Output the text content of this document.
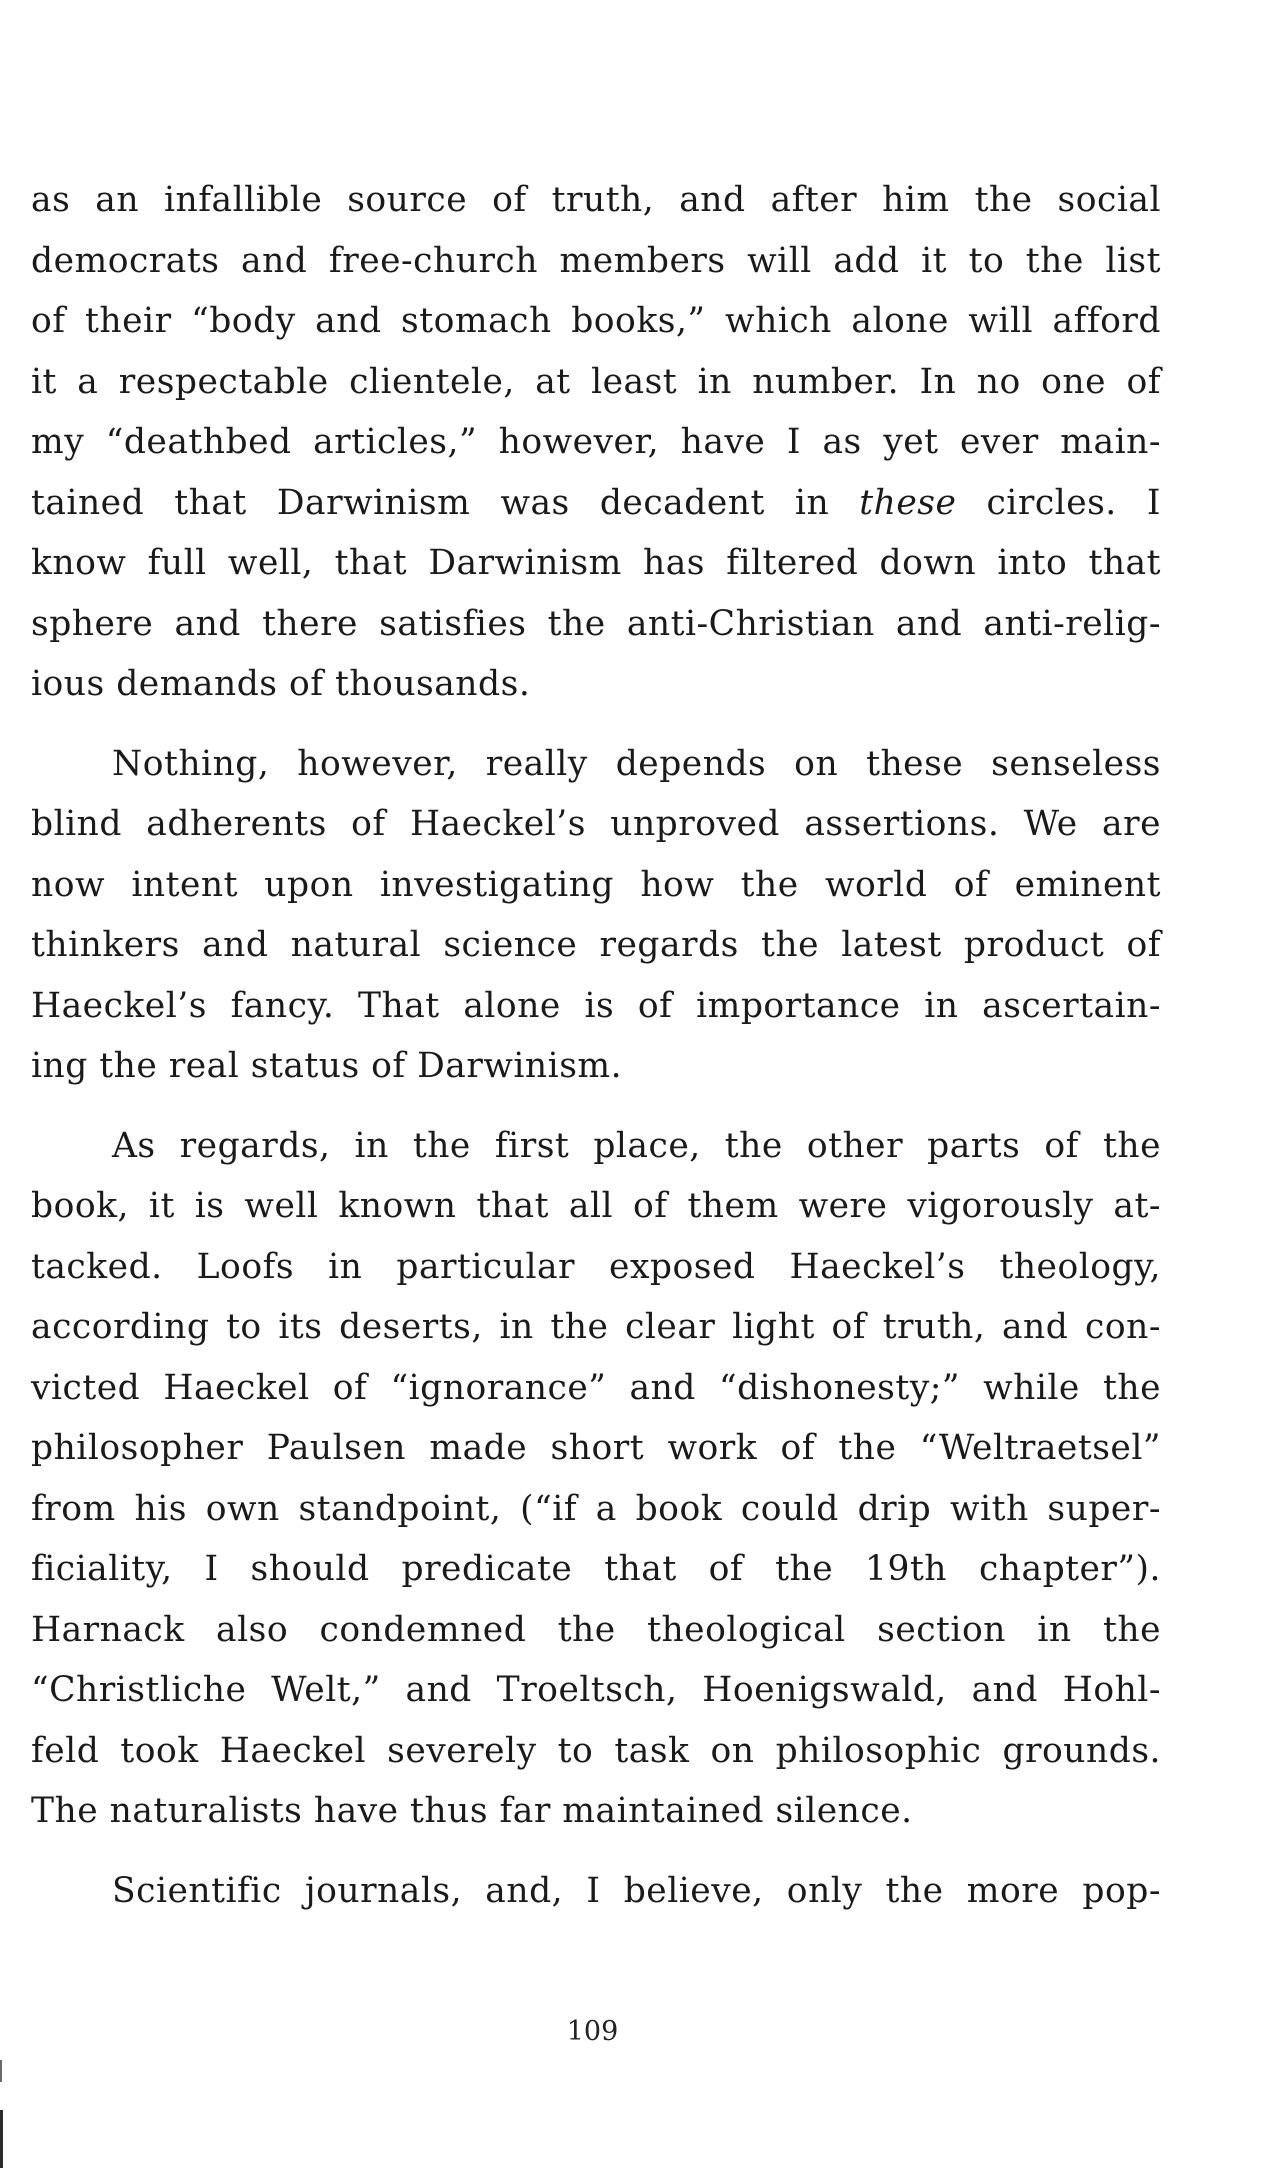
as an infallible source of truth, and after him the social
democrats and free-church members will add it to the list
of their “body and stomach books,” which alone will afford
it a respectable clientele, at least in number. In no one of
my “deathbed articles,” however, have I as yet ever main-
tained that Darwinism was decadent in these circles. I
know full well, that Darwinism has filtered down into that
sphere and there satisfies the anti-Christian and anti-relig-
ious demands of thousands.
Nothing, however, really depends on these senseless
blind adherents of Haeckel’s unproved assertions. We are
now intent upon investigating how the world of eminent
thinkers and natural science regards the latest product of
Haeckel’s fancy. That alone is of importance in ascertain-
ing the real status of Darwinism.
As regards, in the first place, the other parts of the
book, it is well known that all of them were vigorously at-
tacked. Loofs in particular exposed Haeckel’s theology,
according to its deserts, in the clear light of truth, and con-
victed Haeckel of “ignorance” and “dishonesty;” while the
philosopher Paulsen made short work of the “Weltraetsel”
from his own standpoint, (“if a book could drip with super-
ficiality, I should predicate that of the 19th chapter”).
Harnack also condemned the theological section in the
“Christliche Welt,” and Troeltsch, Hoenigswald, and Hohl-
feld took Haeckel severely to task on philosophic grounds.
The naturalists have thus far maintained silence.
Scientific journals, and, I believe, only the more pop-
109
